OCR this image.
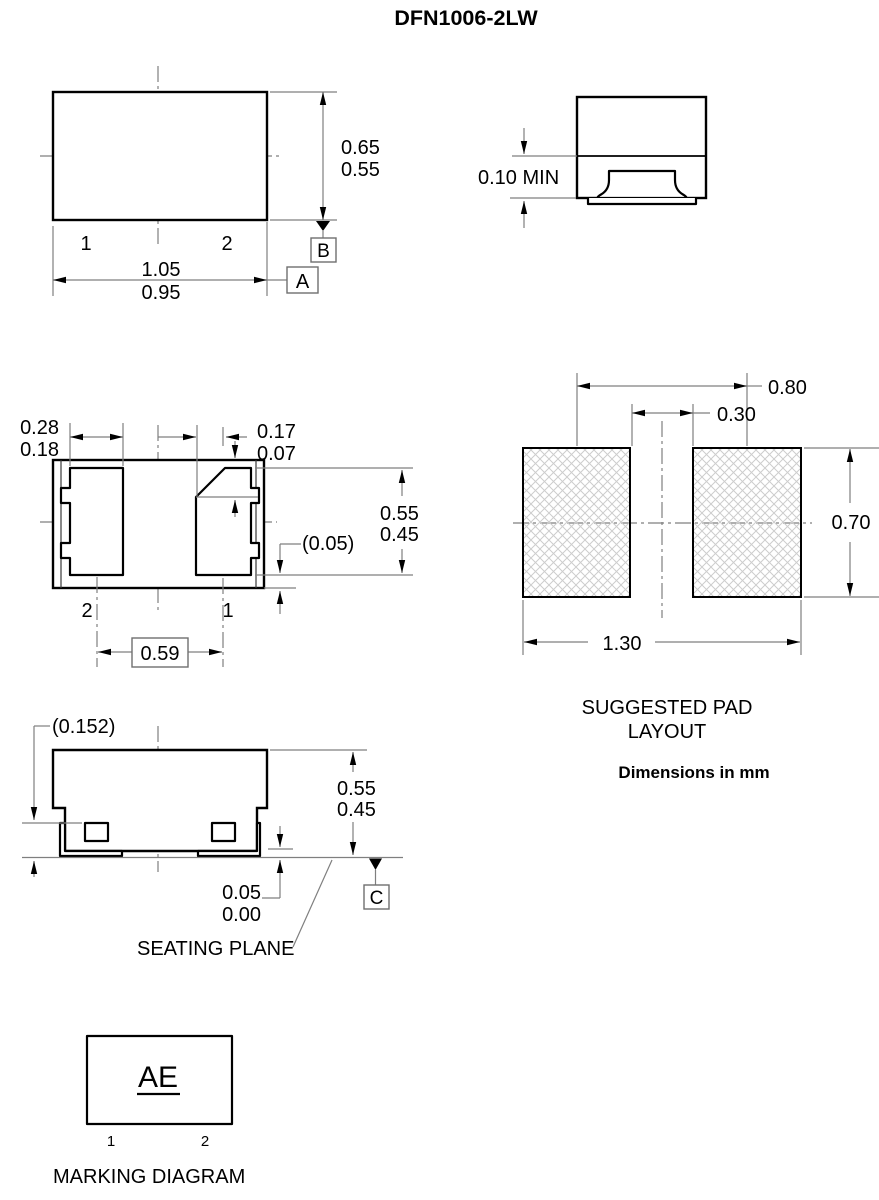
DFN1006-2LW
1	2
0.65
0.55
B
1.05
0.95	A
0.10 MIN
2	1
0.28
0.18
0.17
0.07
0.55
0.45
(0.05)
0.59
0.80
0.30
0.70
1.30
SUGGESTED PAD
LAYOUT
Dimensions in mm
(0.152)
0.55
0.45
0.05
0.00
C
SEATING PLANE
AE
1	2
MARKING DIAGRAM
